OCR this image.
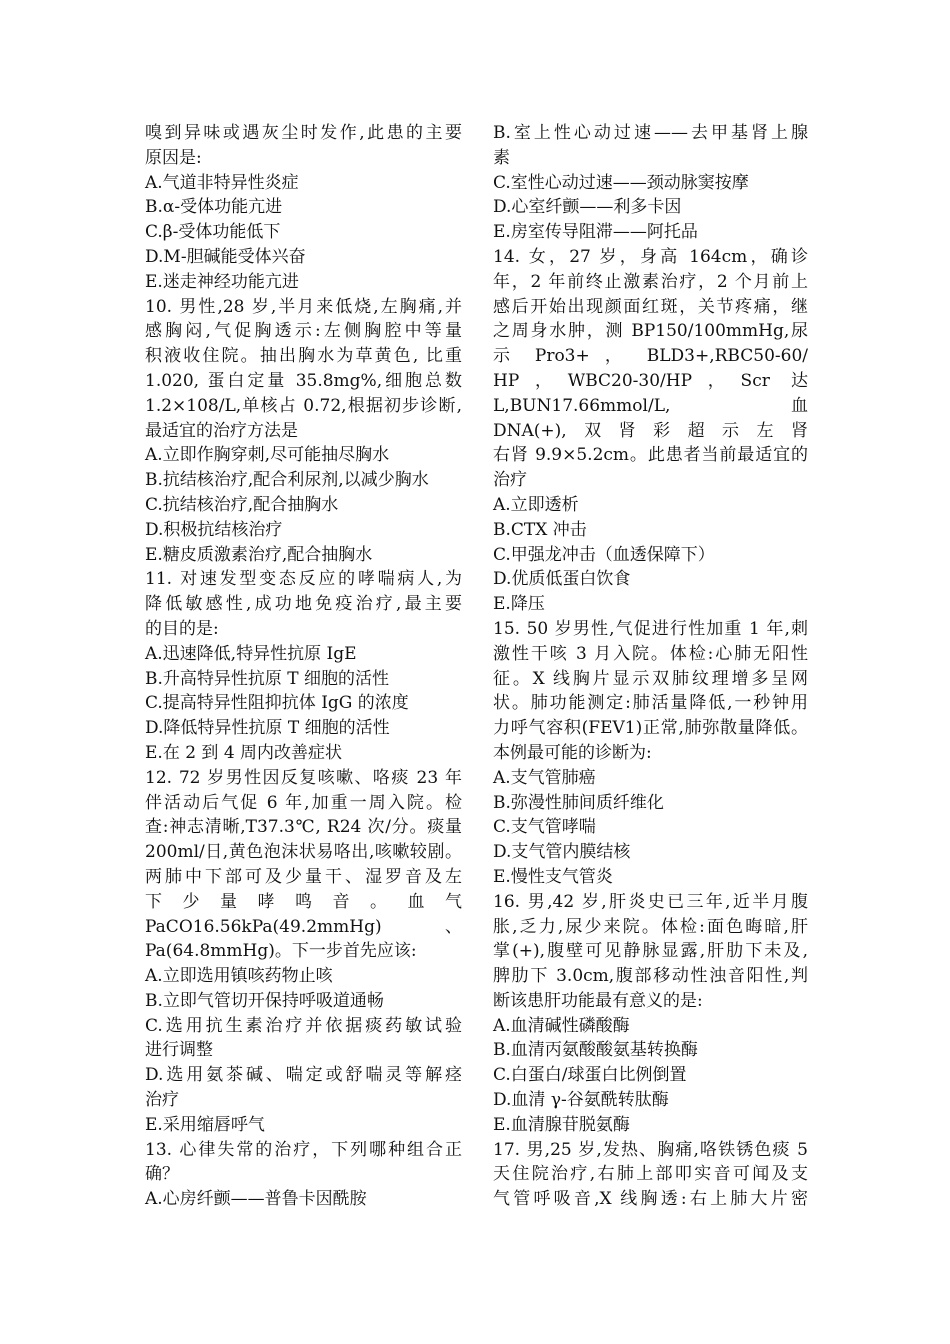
嗅到异味或遇灰尘时发作,此患的主要
原因是:
A.气道非特异性炎症
B.α-受体功能亢进
C.β-受体功能低下
D.M-胆碱能受体兴奋
E.迷走神经功能亢进
10. 男性,28 岁,半月来低烧,左胸痛,并
感胸闷,气促胸透示:左侧胸腔中等量
积液收住院。抽出胸水为草黄色, 比重
1.020, 蛋白定量 35.8mg%,细胞总数
1.2×108/L,单核占 0.72,根据初步诊断,
最适宜的治疗方法是
A.立即作胸穿刺,尽可能抽尽胸水
B.抗结核治疗,配合利尿剂,以减少胸水
C.抗结核治疗,配合抽胸水
D.积极抗结核治疗
E.糖皮质激素治疗,配合抽胸水
11. 对速发型变态反应的哮喘病人,为
降低敏感性,成功地免疫治疗,最主要
的目的是:
A.迅速降低,特异性抗原 IgE
B.升高特异性抗原 T 细胞的活性
C.提高特异性阻抑抗体 IgG 的浓度
D.降低特异性抗原 T 细胞的活性
E.在 2 到 4 周内改善症状
12. 72 岁男性因反复咳嗽、咯痰 23 年
伴活动后气促 6 年,加重一周入院。检
查:神志清晰,T37.3℃, R24 次/分。痰量
200ml/日,黄色泡沫状易咯出,咳嗽较剧。
两肺中下部可及少量干、湿罗音及左
下 少 量 哮 鸣 音 。 血 气
PaCO16.56kPa(49.2mmHg)、
Pa(64.8mmHg)。下一步首先应该:
A.立即选用镇咳药物止咳
B.立即气管切开保持呼吸道通畅
C.选用抗生素治疗并依据痰药敏试验
进行调整
D.选用氨茶碱、喘定或舒喘灵等解痉
治疗
E.采用缩唇呼气
13. 心律失常的治疗，下列哪种组合正
确？
A.心房纤颤——普鲁卡因酰胺
B.室上性心动过速——去甲基肾上腺
素
C.室性心动过速——颈动脉窦按摩
D.心室纤颤——利多卡因
E.房室传导阻滞——阿托品
14. 女，27 岁，身高 164cm，确诊
年，2 年前终止激素治疗，2 个月前上
感后开始出现颜面红斑，关节疼痛，继
之周身水肿，测 BP150/100mmHg,尿
示 Pro3+ ， BLD3+,RBC50-60/
HP，WBC20-30/HP，Scr 达
L,BUN17.66mmol/L, 血
DNA(+),双肾彩超示左肾
右肾 9.9×5.2cm。此患者当前最适宜的
治疗
A.立即透析
B.CTX 冲击
C.甲强龙冲击（血透保障下）
D.优质低蛋白饮食
E.降压
15. 50 岁男性,气促进行性加重 1 年,刺
激性干咳 3 月入院。体检:心肺无阳性
征。X 线胸片显示双肺纹理增多呈网
状。肺功能测定:肺活量降低,一秒钟用
力呼气容积(FEV1)正常,肺弥散量降低。
本例最可能的诊断为:
A.支气管肺癌
B.弥漫性肺间质纤维化
C.支气管哮喘
D.支气管内膜结核
E.慢性支气管炎
16. 男,42 岁,肝炎史已三年,近半月腹
胀,乏力,尿少来院。体检:面色晦暗,肝
掌(+),腹壁可见静脉显露,肝肋下未及,
脾肋下 3.0cm,腹部移动性浊音阳性,判
断该患肝功能最有意义的是:
A.血清碱性磷酸酶
B.血清丙氨酸酸氨基转换酶
C.白蛋白/球蛋白比例倒置
D.血清 γ-谷氨酰转肽酶
E.血清腺苷脱氨酶
17. 男,25 岁,发热、胸痛,咯铁锈色痰 5
天住院治疗,右肺上部叩实音可闻及支
气管呼吸音,X 线胸透:右上肺大片密
